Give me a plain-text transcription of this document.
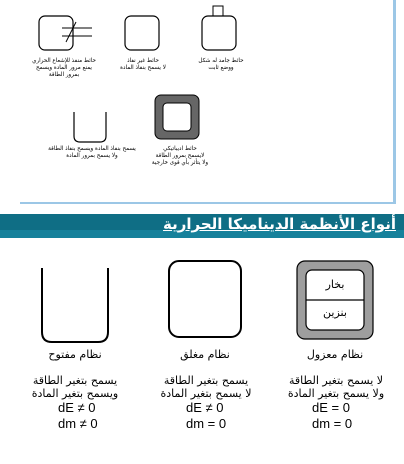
حائط منفذ للإشعاع الحراري
يمنع مرور المادة ويسمح
بمرور الطاقة
حائط غير نفاذ
لا يسمح بنفاذ المادة
حائط جامد له شكل
ووضع ثابت
يسمح بنفاذ المادة ويسمح بنفاذ الطاقة
ولا يسمح بمرور المادة
حائط اديباتيكي
لايسمح بمرور الطاقة
ولا يتأثر بأي قوى خارجية
أنواع الأنظمة الديناميكا الحرارية
نظام مفتوح
يسمح بتغير الطاقة
ويسمح بتغير المادة
dE ≠ 0
dm ≠ 0
نظام مغلق
يسمح بتغير الطاقة
لا يسمح بتغير المادة
dE ≠ 0
dm = 0
بخار
بنزين
نظام معزول
لا يسمح بتغير الطاقة
ولا يسمح بتغير المادة
dE = 0
dm = 0
